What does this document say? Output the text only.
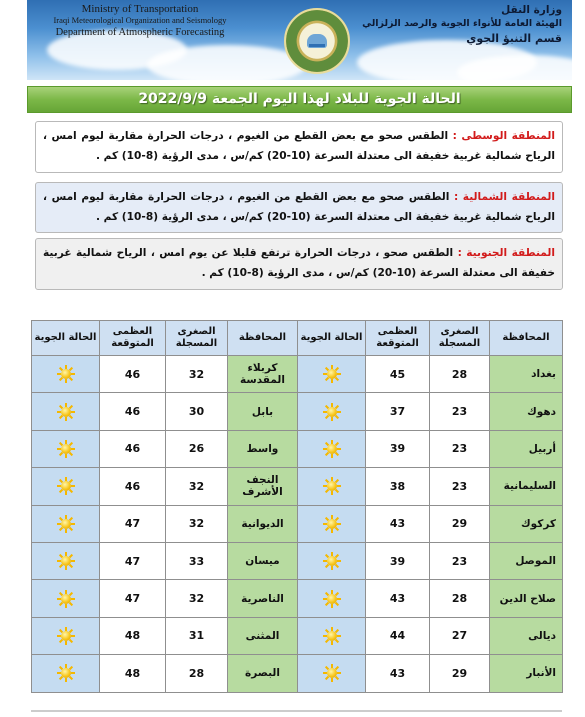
Ministry of Transportation
Iraqi Meteorological Organization and Seismology
Department of Atmospheric Forecasting
وزارة النقل
الهيئة العامة للأنواء الجوية والرصد الزلزالي
قسم التنبؤ الجوي
الحالة الجوية للبلاد لهذا اليوم الجمعة 2022/9/9
المنطقة الوسطى : الطقس صحو مع بعض القطع من الغيوم ، درجات الحرارة مقاربة ليوم امس ، الرياح شمالية غربية خفيفة الى معتدلة السرعة (10-20) كم/س ، مدى الرؤية (8-10) كم .
المنطقة الشمالية : الطقس صحو مع بعض القطع من الغيوم ، درجات الحرارة مقاربة ليوم امس ، الرياح شمالية غربية خفيفة الى معتدلة السرعة (10-20) كم/س ، مدى الرؤية (8-10) كم .
المنطقة الجنوبية : الطقس صحو ، درجات الحرارة ترتفع قليلا عن يوم امس ، الرياح شمالية غربية خفيفة الى معتدلة السرعة (10-20) كم/س ، مدى الرؤية (8-10) كم .
الحالة الجوية	العظمى المتوقعة	الصغرى المسجلة	المحافظة	الحالة الجوية	العظمى المتوقعة	الصغرى المسجلة	المحافظة

	46	32	كربلاء المقدسة		45	28	بغداد

	46	30	بابل		37	23	دهوك

	46	26	واسط		39	23	أربيل

	46	32	النجف الأشرف		38	23	السليمانية

	47	32	الديوانية		43	29	كركوك

	47	33	ميسان		39	23	الموصل

	47	32	الناصرية		43	28	صلاح الدين

	48	31	المثنى		44	27	ديالى

	48	28	البصرة		43	29	الأنبار
